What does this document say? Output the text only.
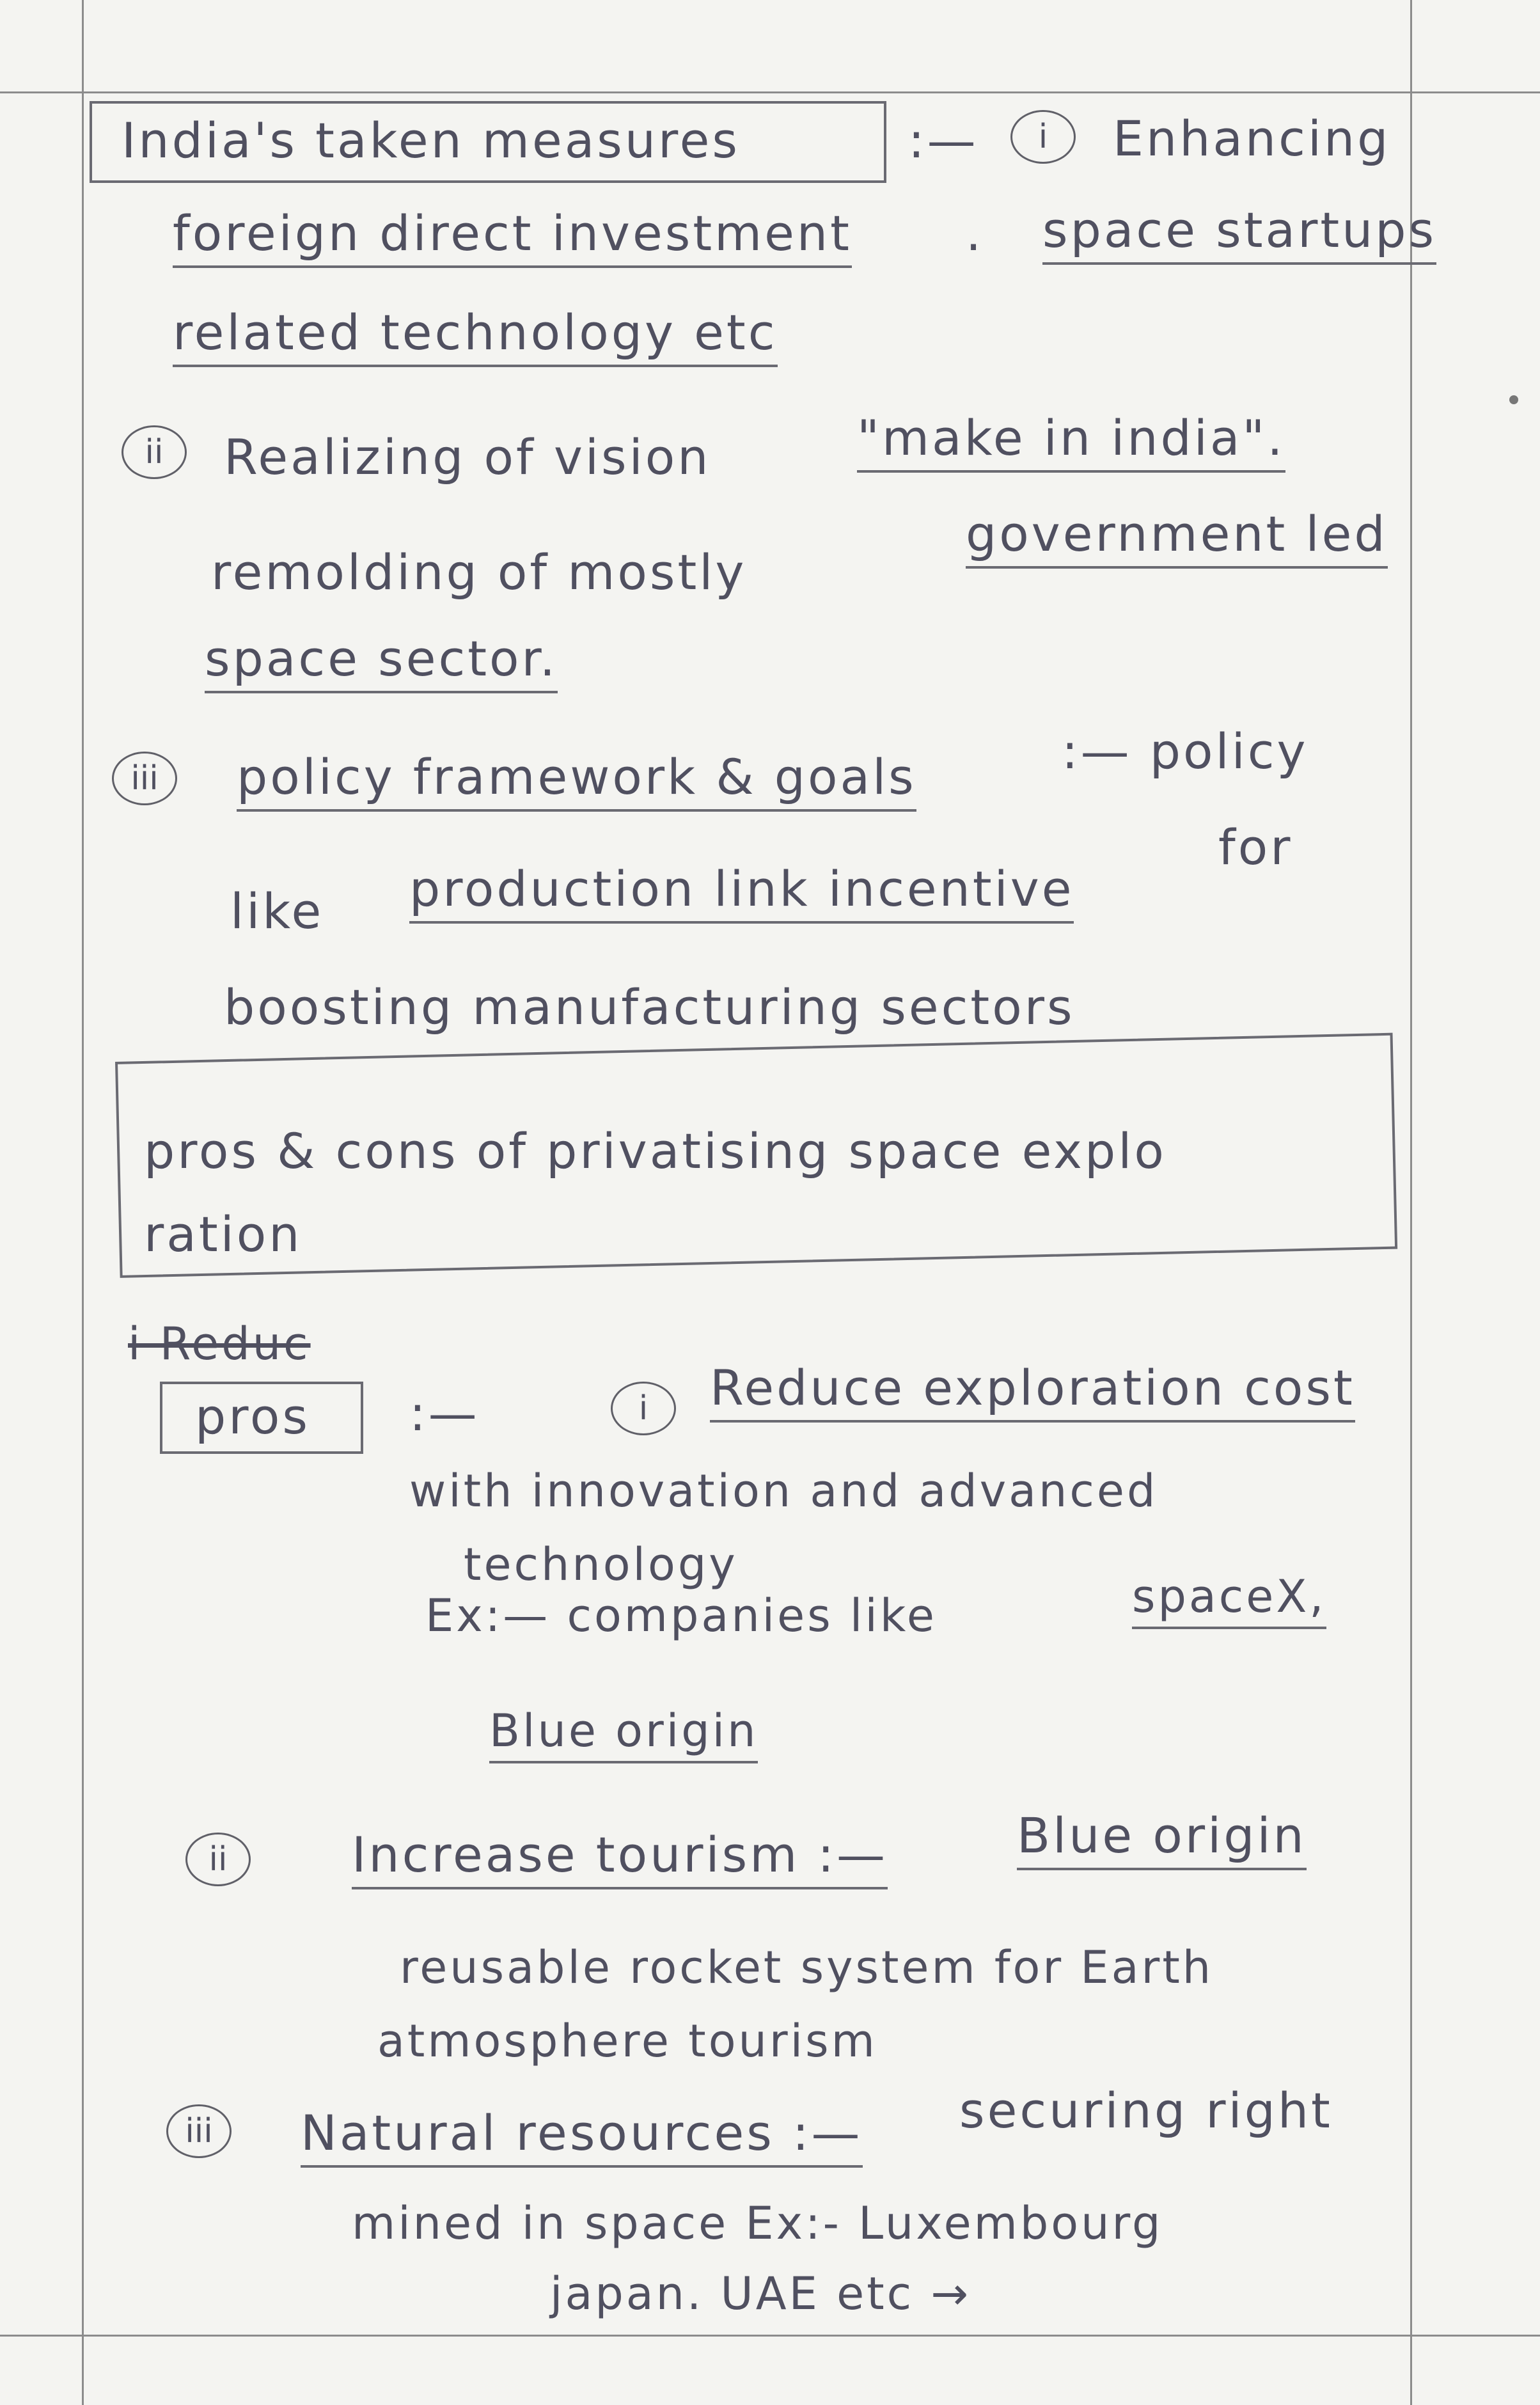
India's taken measures	:—	i	Enhancing
foreign direct investment . space startups
related technology etc
ii	Realizing of vision	"make in india".
remolding of mostly
government led
space sector.
iii	policy framework & goals	:— policy
like production link incentive
for
boosting manufacturing sectors
pros & cons of privatising space explo
ration
i Reduc
pros :—	i	Reduce exploration cost
with innovation and advanced
technology
Ex:— companies like	spaceX,
Blue origin
ii	Increase tourism :—	Blue origin
reusable rocket system for Earth
atmosphere tourism
iii	Natural resources :— securing right
mined in space Ex:- Luxembourg
japan. UAE etc →
